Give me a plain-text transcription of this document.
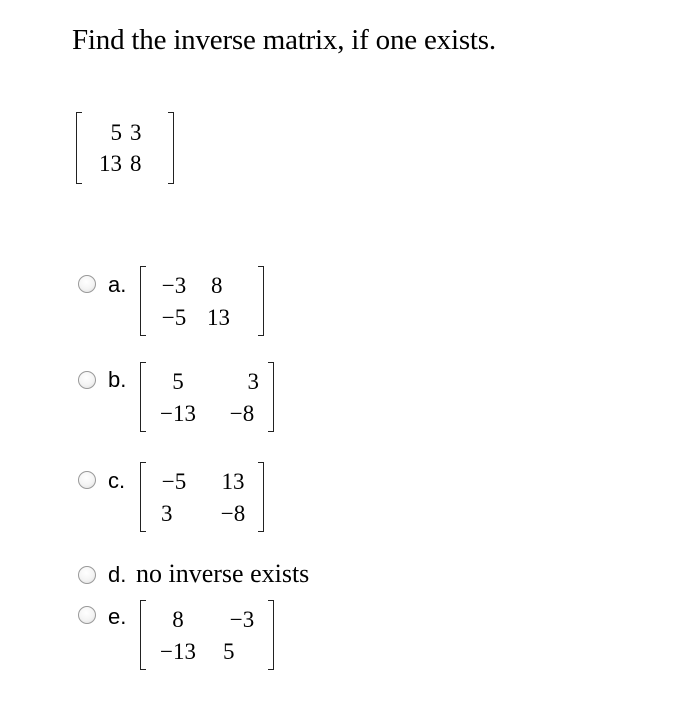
Find the inverse matrix, if one exists.
5 3
13 8
a.	−3	8
−5 13
b.	5	3
−13	−8
c.	−5	13
3	−8
d. no inverse exists
e.	8	−3
−13	5
